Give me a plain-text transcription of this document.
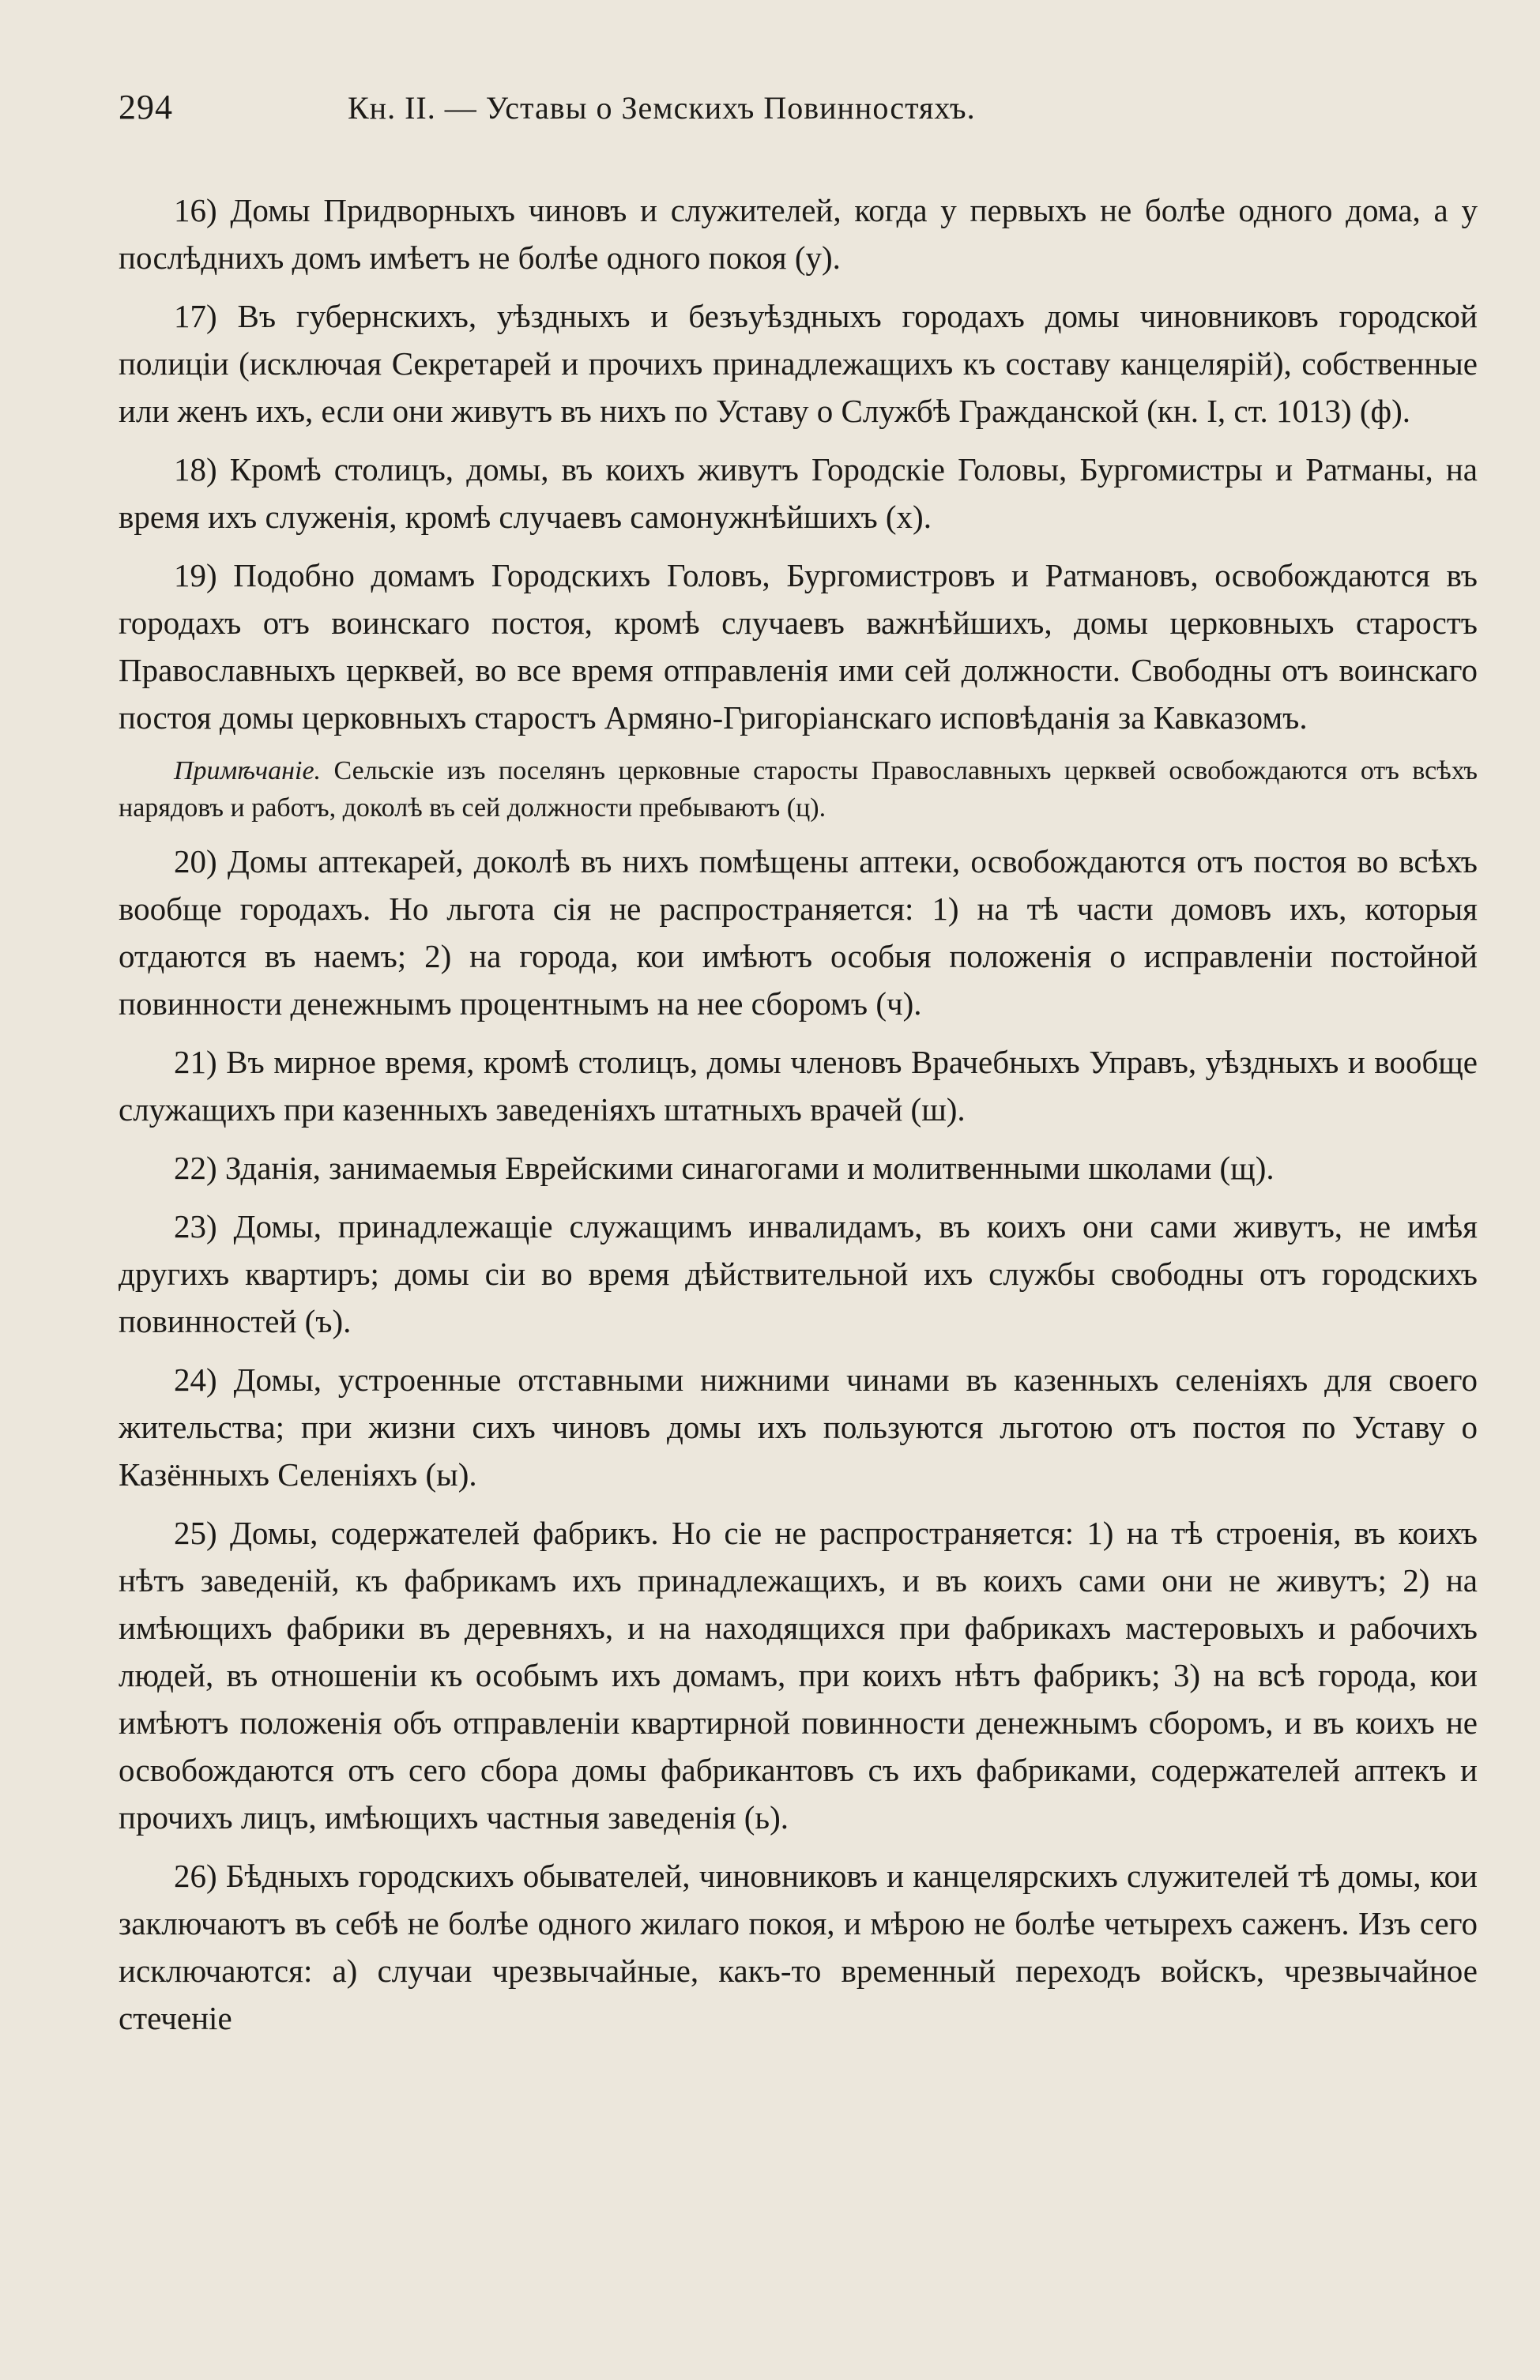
294	Кн. II. — Уставы о Земскихъ Повинностяхъ.

16) Домы Придворныхъ чиновъ и служителей, когда у первыхъ не болѣе одного дома, а у послѣднихъ домъ имѣетъ не болѣе одного покоя (у).

17) Въ губернскихъ, уѣздныхъ и безъуѣздныхъ городахъ домы чиновниковъ городской полиціи (исключая Секретарей и прочихъ принадлежащихъ къ составу канцелярій), собственные или женъ ихъ, если они живутъ въ нихъ по Уставу о Службѣ Гражданской (кн. I, ст. 1013) (ф).

18) Кромѣ столицъ, домы, въ коихъ живутъ Городскіе Головы, Бургомистры и Ратманы, на время ихъ служенія, кромѣ случаевъ самонужнѣйшихъ (х).

19) Подобно домамъ Городскихъ Головъ, Бургомистровъ и Ратмановъ, освобождаются въ городахъ отъ воинскаго постоя, кромѣ случаевъ важнѣйшихъ, домы церковныхъ старостъ Православныхъ церквей, во все время отправленія ими сей должности. Свободны отъ воинскаго постоя домы церковныхъ старостъ Армяно-Григоріанскаго исповѣданія за Кавказомъ.

Примѣчаніе. Сельскіе изъ поселянъ церковные старосты Православныхъ церквей освобождаются отъ всѣхъ нарядовъ и работъ, доколѣ въ сей должности пребываютъ (ц).

20) Домы аптекарей, доколѣ въ нихъ помѣщены аптеки, освобождаются отъ постоя во всѣхъ вообще городахъ. Но льгота сія не распространяется: 1) на тѣ части домовъ ихъ, которыя отдаются въ наемъ; 2) на города, кои имѣютъ особыя положенія о исправленіи постойной повинности денежнымъ процентнымъ на нее сборомъ (ч).

21) Въ мирное время, кромѣ столицъ, домы членовъ Врачебныхъ Управъ, уѣздныхъ и вообще служащихъ при казенныхъ заведеніяхъ штатныхъ врачей (ш).

22) Зданія, занимаемыя Еврейскими синагогами и молитвенными школами (щ).

23) Домы, принадлежащіе служащимъ инвалидамъ, въ коихъ они сами живутъ, не имѣя другихъ квартиръ; домы сіи во время дѣйствительной ихъ службы свободны отъ городскихъ повинностей (ъ).

24) Домы, устроенные отставными нижними чинами въ казенныхъ селеніяхъ для своего жительства; при жизни сихъ чиновъ домы ихъ пользуются льготою отъ постоя по Уставу о Казённыхъ Селеніяхъ (ы).

25) Домы, содержателей фабрикъ. Но сіе не распространяется: 1) на тѣ строенія, въ коихъ нѣтъ заведеній, къ фабрикамъ ихъ принадлежащихъ, и въ коихъ сами они не живутъ; 2) на имѣющихъ фабрики въ деревняхъ, и на находящихся при фабрикахъ мастеровыхъ и рабочихъ людей, въ отношеніи къ особымъ ихъ домамъ, при коихъ нѣтъ фабрикъ; 3) на всѣ города, кои имѣютъ положенія объ отправленіи квартирной повинности денежнымъ сборомъ, и въ коихъ не освобождаются отъ сего сбора домы фабрикантовъ съ ихъ фабриками, содержателей аптекъ и прочихъ лицъ, имѣющихъ частныя заведенія (ь).

26) Бѣдныхъ городскихъ обывателей, чиновниковъ и канцелярскихъ служителей тѣ домы, кои заключаютъ въ себѣ не болѣе одного жилаго покоя, и мѣрою не болѣе четырехъ саженъ. Изъ сего исключаются: а) случаи чрезвычайные, какъ-то временный переходъ войскъ, чрезвычайное стеченіе
